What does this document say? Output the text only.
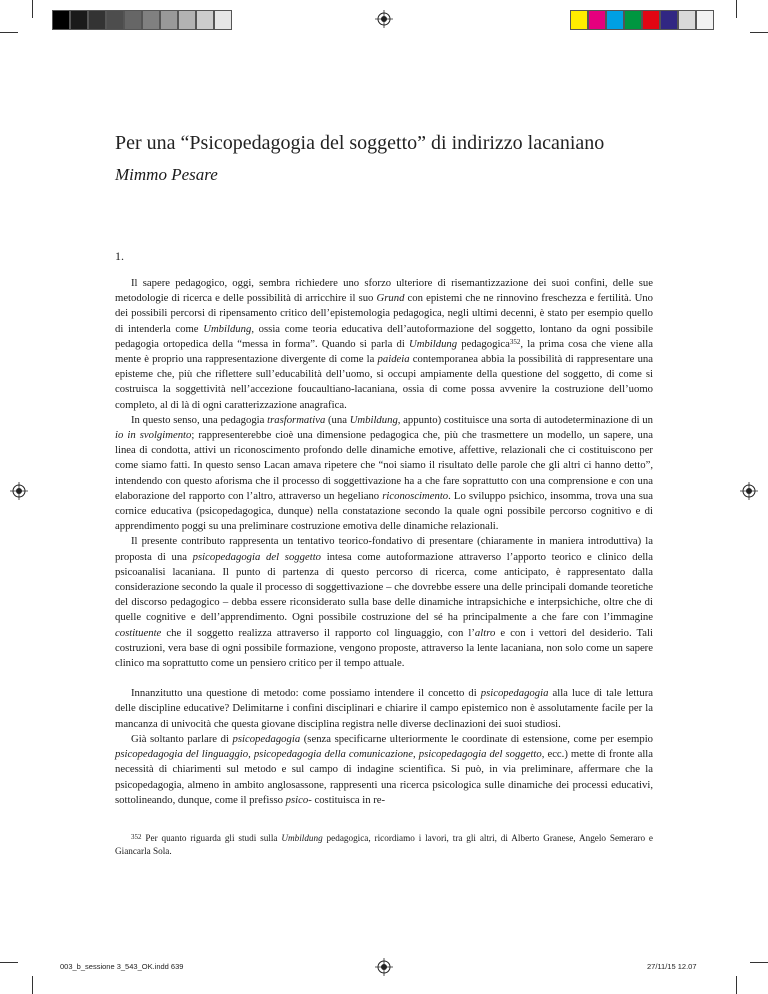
Per una “Psicopedagogia del soggetto” di indirizzo lacaniano

Mimmo Pesare

1.

Il sapere pedagogico, oggi, sembra richiedere uno sforzo ulteriore di risemantizzazione dei suoi confini, delle sue metodologie di ricerca e delle possibilità di arricchire il suo Grund con epistemi che ne rinnovino freschezza e fertilità. Uno dei possibili percorsi di ripensamento critico dell’epistemologia pedagogica, negli ultimi decenni, è stato per esempio quello di intenderla come Umbildung, ossia come teoria educativa dell’autoformazione del soggetto, lontano da ogni possibile pedagogia ortopedica della “messa in forma”. Quando si parla di Umbildung pedagogica$^{352}$, la prima cosa che viene alla mente è proprio una rappresentazione divergente di come la paideia contemporanea abbia la possibilità di rappresentare una episteme che, più che riflettere sull’educabilità dell’uomo, si occupi ampiamente della questione del soggetto, di come si costruisca la soggettività nell’accezione foucaultiano-lacaniana, ossia di come possa avvenire la costruzione dell’uomo completo, al di là di ogni caratterizzazione anagrafica.

In questo senso, una pedagogia trasformativa (una Umbildung, appunto) costituisce una sorta di autodeterminazione di un io in svolgimento; rappresenterebbe cioè una dimensione pedagogica che, più che trasmettere un modello, un sapere, una linea di condotta, attivi un riconoscimento profondo delle dinamiche emotive, affettive, relazionali che ci costituiscono per come siamo fatti. In questo senso Lacan amava ripetere che “noi siamo il risultato delle parole che gli altri ci hanno detto”, intendendo con questo aforisma che il processo di soggettivazione ha a che fare soprattutto con una comprensione e con una elaborazione del rapporto con l’altro, attraverso un hegeliano riconoscimento. Lo sviluppo psichico, insomma, trova una sua cornice educativa (psicopedagogica, dunque) nella constatazione secondo la quale ogni possibile percorso cognitivo e di apprendimento poggi su una preliminare costruzione emotiva delle dinamiche relazionali.

Il presente contributo rappresenta un tentativo teorico-fondativo di presentare (chiaramente in maniera introduttiva) la proposta di una psicopedagogia del soggetto intesa come autoformazione attraverso l’apporto teorico e clinico della psicoanalisi lacaniana. Il punto di partenza di questo percorso di ricerca, come anticipato, è rappresentato dalla considerazione secondo la quale il processo di soggettivazione – che dovrebbe essere una delle principali domande teoretiche del discorso pedagogico – debba essere riconsiderato sulla base delle dinamiche intrapsichiche e interpsichiche, oltre che di quelle cognitive e dell’apprendimento. Ogni possibile costruzione del sé ha principalmente a che fare con l’immagine costituente che il soggetto realizza attraverso il rapporto col linguaggio, con l’altro e con i vettori del desiderio. Tali costruzioni, vera base di ogni possibile formazione, vengono proposte, attraverso la lente lacaniana, non solo come un sapere clinico ma soprattutto come un pensiero critico per il tempo attuale.

Innanzitutto una questione di metodo: come possiamo intendere il concetto di psicopedagogia alla luce di tale lettura delle discipline educative? Delimitarne i confini disciplinari e chiarire il campo epistemico non è assolutamente facile per la mancanza di univocità che questa giovane disciplina registra nelle diverse declinazioni dei suoi studiosi.

Già soltanto parlare di psicopedagogia (senza specificarne ulteriormente le coordinate di estensione, come per esempio psicopedagogia del linguaggio, psicopedagogia della comunicazione, psicopedagogia del soggetto, ecc.) mette di fronte alla necessità di chiarimenti sul metodo e sul campo di indagine scientifica. Si può, in via preliminare, affermare che la psicopedagogia, almeno in ambito anglosassone, rappresenti una ricerca psicologica sulle dinamiche dei processi educativi, sottolineando, dunque, come il prefisso psico- costituisca in re-

$^{352}$ Per quanto riguarda gli studi sulla Umbildung pedagogica, ricordiamo i lavori, tra gli altri, di Alberto Granese, Angelo Semeraro e Giancarla Sola.
003_b_sessione 3_543_OK.indd 639	27/11/15 12.07
